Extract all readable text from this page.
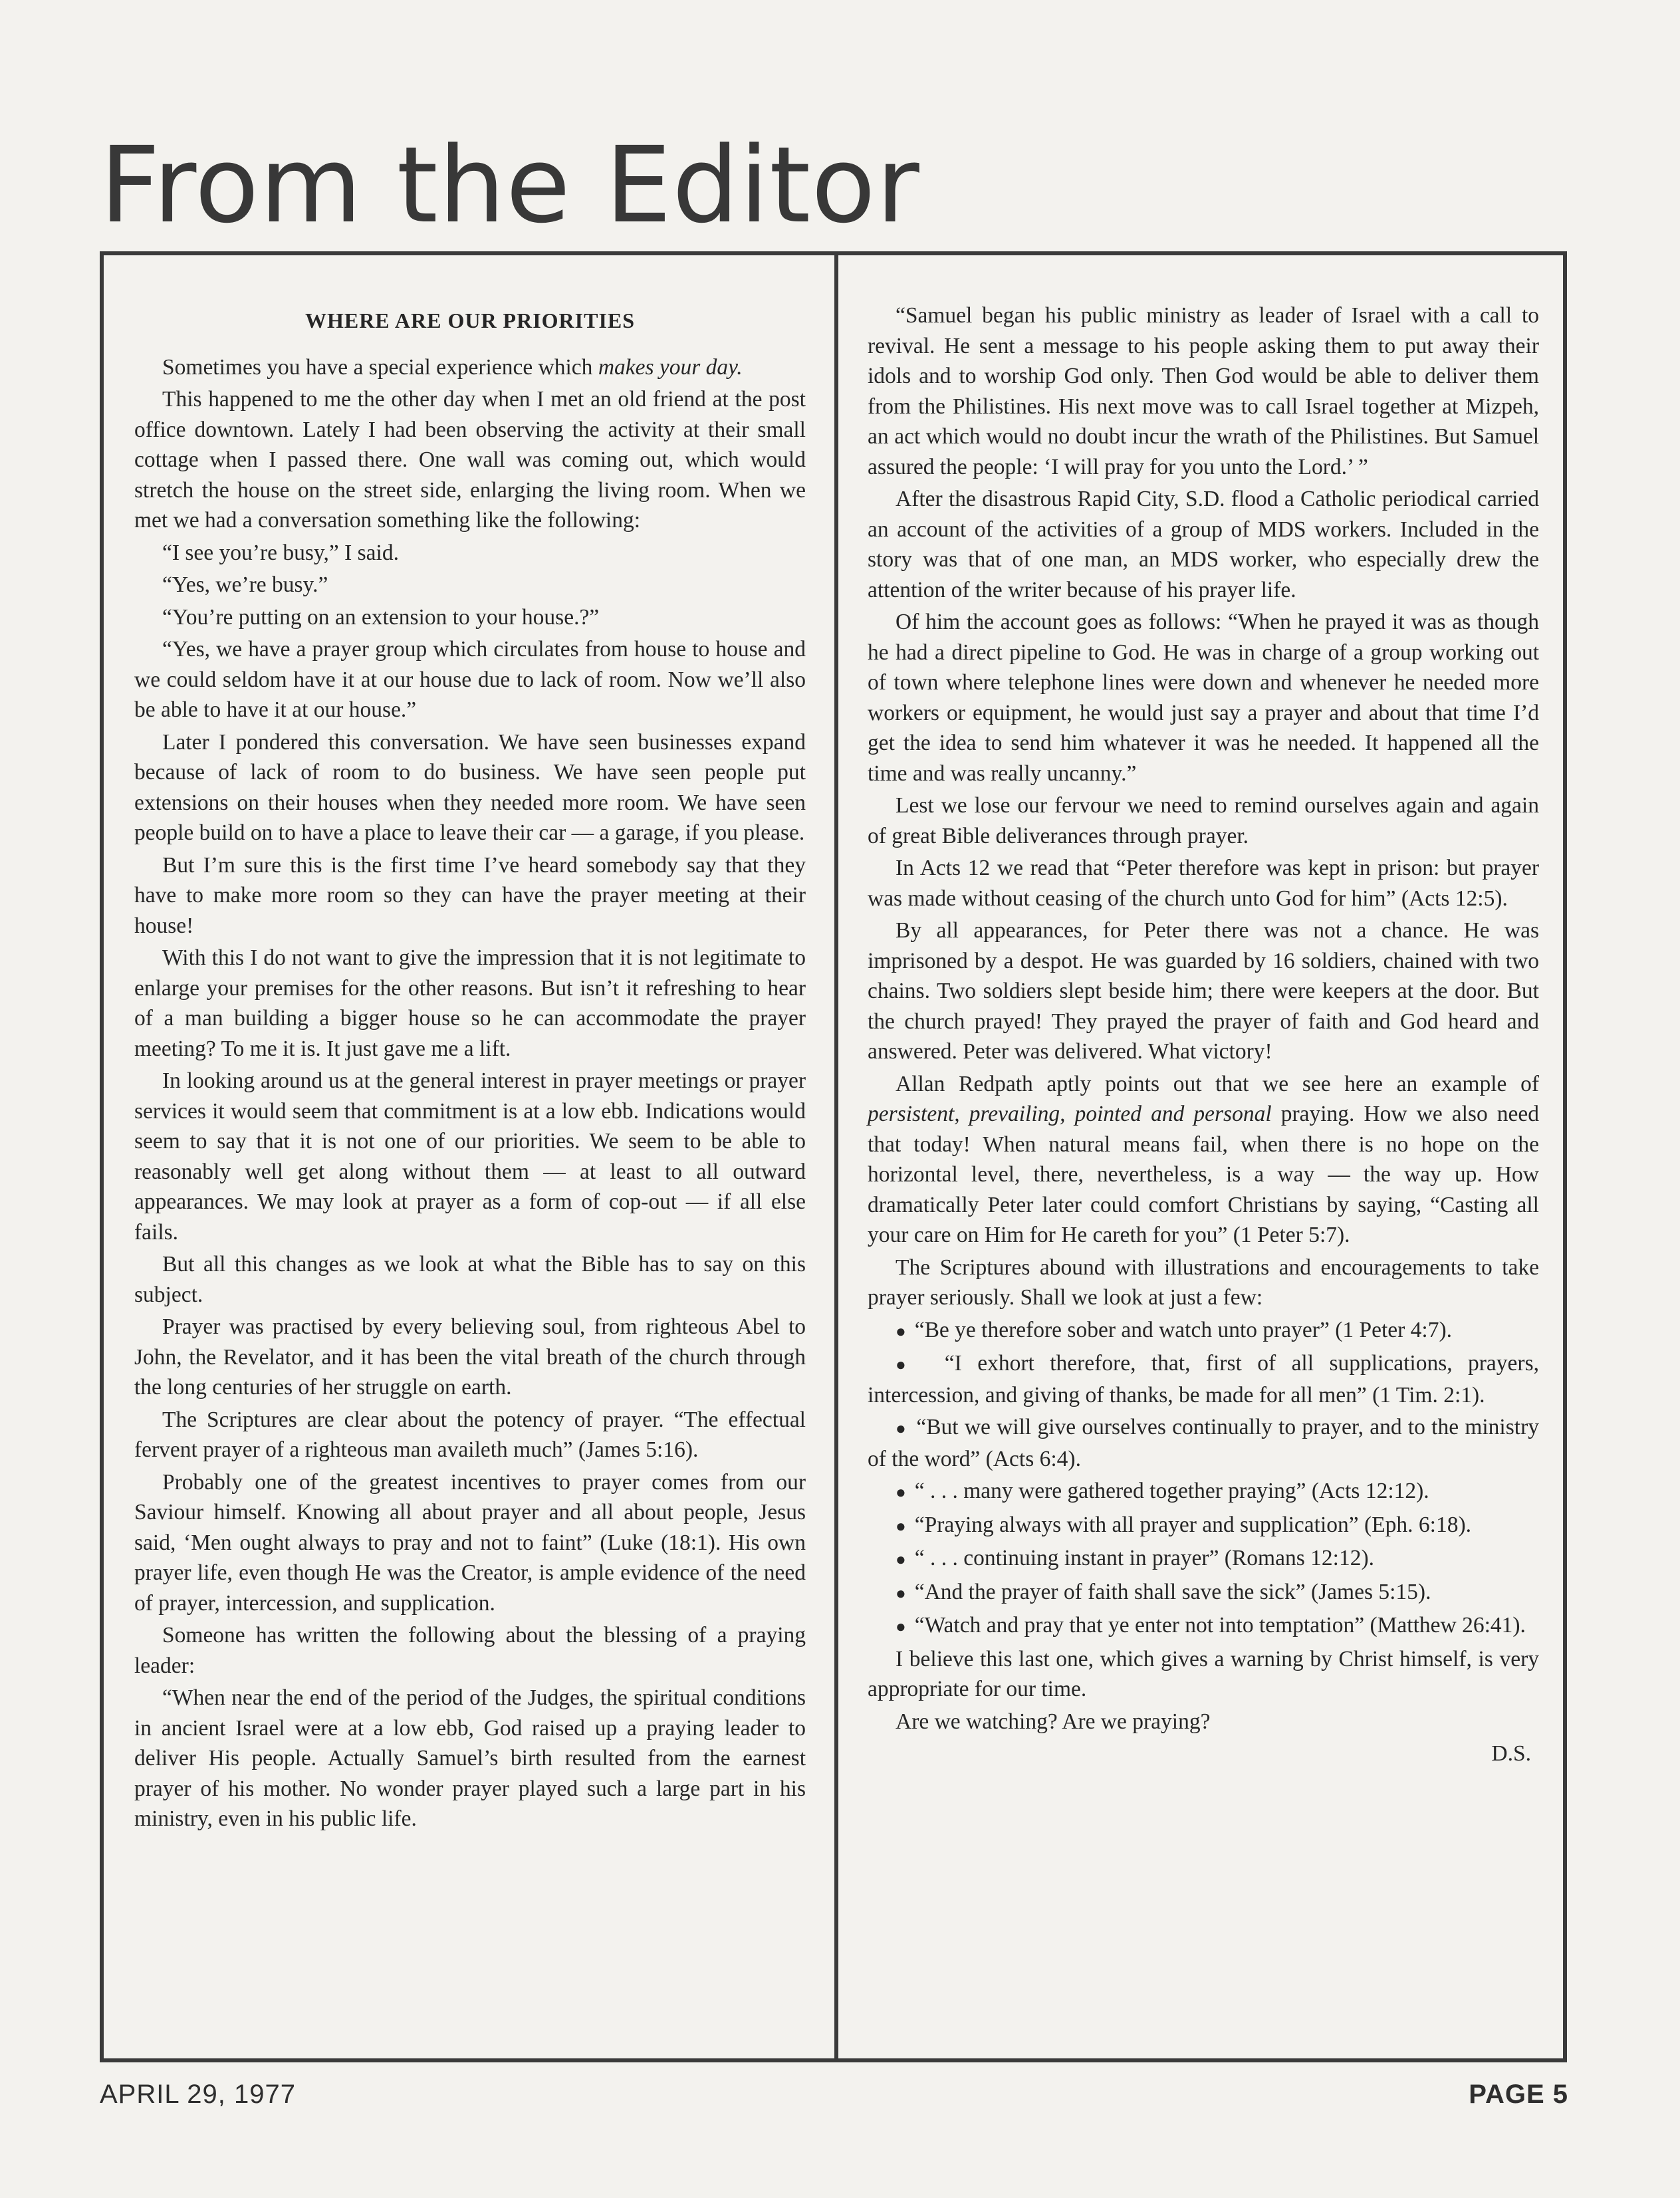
From the Editor

WHERE ARE OUR PRIORITIES

Sometimes you have a special experience which makes your day.

This happened to me the other day when I met an old friend at the post office downtown. Lately I had been observing the activity at their small cottage when I passed there. One wall was coming out, which would stretch the house on the street side, enlarging the living room. When we met we had a conversation something like the following:

“I see you’re busy,” I said.

“Yes, we’re busy.”

“You’re putting on an extension to your house.?”

“Yes, we have a prayer group which circulates from house to house and we could seldom have it at our house due to lack of room. Now we’ll also be able to have it at our house.”

Later I pondered this conversation. We have seen businesses expand because of lack of room to do business. We have seen people put extensions on their houses when they needed more room. We have seen people build on to have a place to leave their car — a garage, if you please.

But I’m sure this is the first time I’ve heard somebody say that they have to make more room so they can have the prayer meeting at their house!

With this I do not want to give the impression that it is not legitimate to enlarge your premises for the other reasons. But isn’t it refreshing to hear of a man building a bigger house so he can accommodate the prayer meeting? To me it is. It just gave me a lift.

In looking around us at the general interest in prayer meetings or prayer services it would seem that commitment is at a low ebb. Indications would seem to say that it is not one of our priorities. We seem to be able to reasonably well get along without them — at least to all outward appearances. We may look at prayer as a form of cop-out — if all else fails.

But all this changes as we look at what the Bible has to say on this subject.

Prayer was practised by every believing soul, from righteous Abel to John, the Revelator, and it has been the vital breath of the church through the long centuries of her struggle on earth.

The Scriptures are clear about the potency of prayer. “The effectual fervent prayer of a righteous man availeth much” (James 5:16).

Probably one of the greatest incentives to prayer comes from our Saviour himself. Knowing all about prayer and all about people, Jesus said, ‘Men ought always to pray and not to faint” (Luke (18:1). His own prayer life, even though He was the Creator, is ample evidence of the need of prayer, intercession, and supplication.

Someone has written the following about the blessing of a praying leader:

“When near the end of the period of the Judges, the spiritual conditions in ancient Israel were at a low ebb, God raised up a praying leader to deliver His people. Actually Samuel’s birth resulted from the earnest prayer of his mother. No wonder prayer played such a large part in his ministry, even in his public life.

“Samuel began his public ministry as leader of Israel with a call to revival. He sent a message to his people asking them to put away their idols and to worship God only. Then God would be able to deliver them from the Philistines. His next move was to call Israel together at Mizpeh, an act which would no doubt incur the wrath of the Philistines. But Samuel assured the people: ‘I will pray for you unto the Lord.’ ”

After the disastrous Rapid City, S.D. flood a Catholic periodical carried an account of the activities of a group of MDS workers. Included in the story was that of one man, an MDS worker, who especially drew the attention of the writer because of his prayer life.

Of him the account goes as follows: “When he prayed it was as though he had a direct pipeline to God. He was in charge of a group working out of town where telephone lines were down and whenever he needed more workers or equipment, he would just say a prayer and about that time I’d get the idea to send him whatever it was he needed. It happened all the time and was really uncanny.”

Lest we lose our fervour we need to remind ourselves again and again of great Bible deliverances through prayer.

In Acts 12 we read that “Peter therefore was kept in prison: but prayer was made without ceasing of the church unto God for him” (Acts 12:5).

By all appearances, for Peter there was not a chance. He was imprisoned by a despot. He was guarded by 16 soldiers, chained with two chains. Two soldiers slept beside him; there were keepers at the door. But the church prayed! They prayed the prayer of faith and God heard and answered. Peter was delivered. What victory!

Allan Redpath aptly points out that we see here an example of persistent, prevailing, pointed and personal praying. How we also need that today! When natural means fail, when there is no hope on the horizontal level, there, nevertheless, is a way — the way up. How dramatically Peter later could comfort Christians by saying, “Casting all your care on Him for He careth for you” (1 Peter 5:7).

The Scriptures abound with illustrations and encouragements to take prayer seriously. Shall we look at just a few:

●  “Be ye therefore sober and watch unto prayer” (1 Peter 4:7).

●  “I exhort therefore, that, first of all supplications, prayers, intercession, and giving of thanks, be made for all men” (1 Tim. 2:1).

●  “But we will give ourselves continually to prayer, and to the ministry of the word” (Acts 6:4).

●  “ . . . many were gathered together praying” (Acts 12:12).

●  “Praying always with all prayer and supplication” (Eph. 6:18).

●  “ . . . continuing instant in prayer” (Romans 12:12).

●  “And the prayer of faith shall save the sick” (James 5:15).

●  “Watch and pray that ye enter not into temptation” (Matthew 26:41).

I believe this last one, which gives a warning by Christ himself, is very appropriate for our time.

Are we watching? Are we praying?

D.S.

APRIL 29, 1977	PAGE 5
